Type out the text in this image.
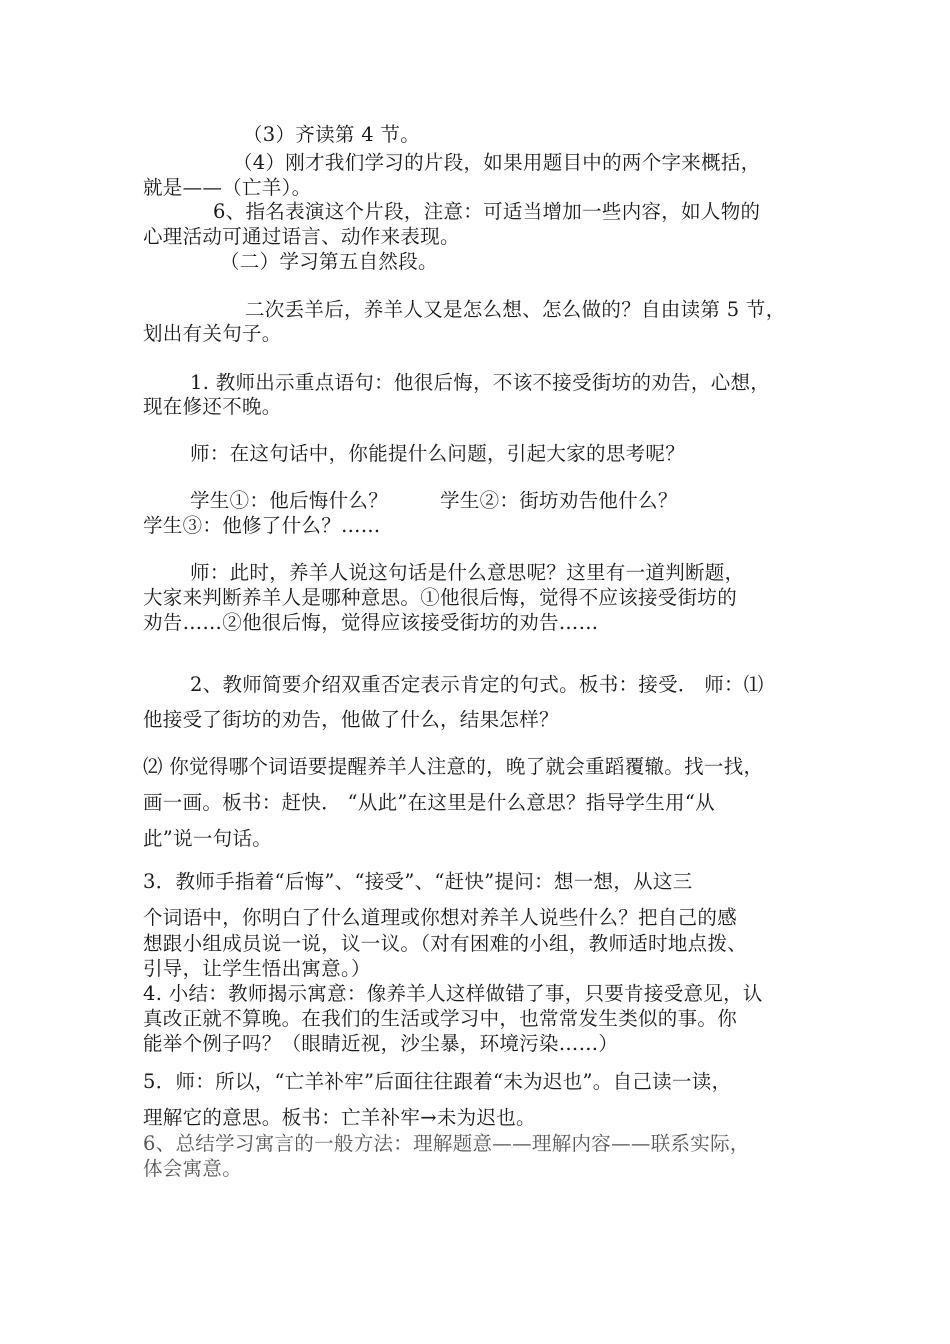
（3）齐读第 4 节。
（4）刚才我们学习的片段，如果用题目中的两个字来概括，
就是——（亡羊）。
6、指名表演这个片段，注意：可适当增加一些内容，如人物的
心理活动可通过语言、动作来表现。
（二）学习第五自然段。
二次丢羊后，养羊人又是怎么想、怎么做的？自由读第 5 节，
划出有关句子。
1. 教师出示重点语句：他很后悔，不该不接受街坊的劝告，心想，
现在修还不晚。
师：在这句话中，你能提什么问题，引起大家的思考呢？
学生①：他后悔什么？	学生②：街坊劝告他什么？
学生③：他修了什么？……
师：此时，养羊人说这句话是什么意思呢？这里有一道判断题，
大家来判断养羊人是哪种意思。①他很后悔，觉得不应该接受街坊的
劝告……②他很后悔，觉得应该接受街坊的劝告……
2、教师简要介绍双重否定表示肯定的句式。板书：接受． 师：⑴
他接受了街坊的劝告，他做了什么，结果怎样？
⑵ 你觉得哪个词语要提醒养羊人注意的，晚了就会重蹈覆辙。找一找，
画一画。板书：赶快． “从此”在这里是什么意思？指导学生用“从
此”说一句话。
3．教师手指着“后悔”、“接受”、“赶快”提问：想一想，从这三
个词语中，你明白了什么道理或你想对养羊人说些什么？把自己的感
想跟小组成员说一说，议一议。（对有困难的小组，教师适时地点拨、
引导，让学生悟出寓意。）
4. 小结：教师揭示寓意：像养羊人这样做错了事，只要肯接受意见，认
真改正就不算晚。在我们的生活或学习中，也常常发生类似的事。你
能举个例子吗？（眼睛近视，沙尘暴，环境污染……）
5．师：所以，“亡羊补牢”后面往往跟着“未为迟也”。自己读一读，
理解它的意思。板书：亡羊补牢→未为迟也。
6、总结学习寓言的一般方法：理解题意——理解内容——联系实际，
体会寓意。
